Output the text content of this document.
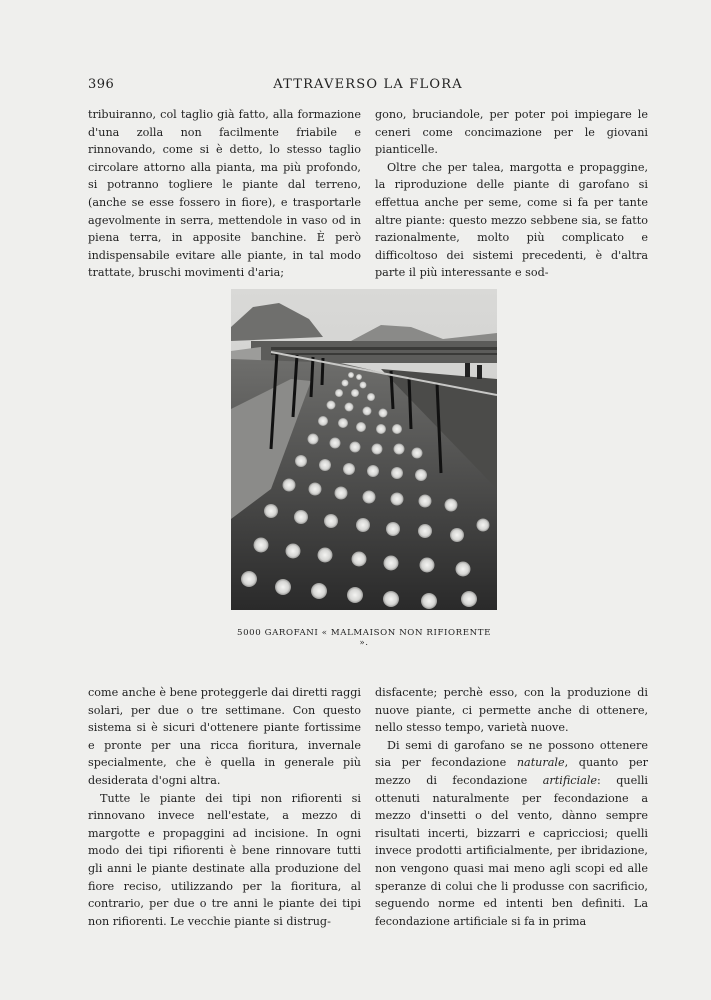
396	ATTRAVERSO LA FLORA

tribuiranno, col taglio già fatto, alla formazione d'una zolla non facilmente friabile e rinnovando, come si è detto, lo stesso taglio circolare attorno alla pianta, ma più profondo, si potranno togliere le piante dal terreno, (anche se esse fossero in fiore), e trasportarle agevolmente in serra, mettendole in vaso od in piena terra, in apposite banchine. È però indispensabile evitare alle piante, in tal modo trattate, bruschi movimenti d'aria;

gono, bruciandole, per poter poi impiegare le ceneri come concimazione per le giovani pianticelle.

Oltre che per talea, margotta e propaggine, la riproduzione delle piante di garofano si effettua anche per seme, come si fa per tante altre piante: questo mezzo sebbene sia, se fatto razionalmente, molto più complicato e difficoltoso dei sistemi precedenti, è d'altra parte il più interessante e sod-

5000 GAROFANI « MALMAISON NON RIFIORENTE ».

come anche è bene proteggerle dai diretti raggi solari, per due o tre settimane. Con questo sistema si è sicuri d'ottenere piante fortissime e pronte per una ricca fioritura, invernale specialmente, che è quella in generale più desiderata d'ogni altra.

Tutte le piante dei tipi non rifiorenti si rinnovano invece nell'estate, a mezzo di margotte e propaggini ad incisione. In ogni modo dei tipi rifiorenti è bene rinnovare tutti gli anni le piante destinate alla produzione del fiore reciso, utilizzando per la fioritura, al contrario, per due o tre anni le piante dei tipi non rifiorenti. Le vecchie piante si distrug-

disfacente; perchè esso, con la produzione di nuove piante, ci permette anche di ottenere, nello stesso tempo, varietà nuove.

Di semi di garofano se ne possono ottenere sia per fecondazione naturale, quanto per mezzo di fecondazione artificiale: quelli ottenuti naturalmente per fecondazione a mezzo d'insetti o del vento, dànno sempre risultati incerti, bizzarri e capricciosi; quelli invece prodotti artificialmente, per ibridazione, non vengono quasi mai meno agli scopi ed alle speranze di colui che li produsse con sacrificio, seguendo norme ed intenti ben definiti. La fecondazione artificiale si fa in prima
